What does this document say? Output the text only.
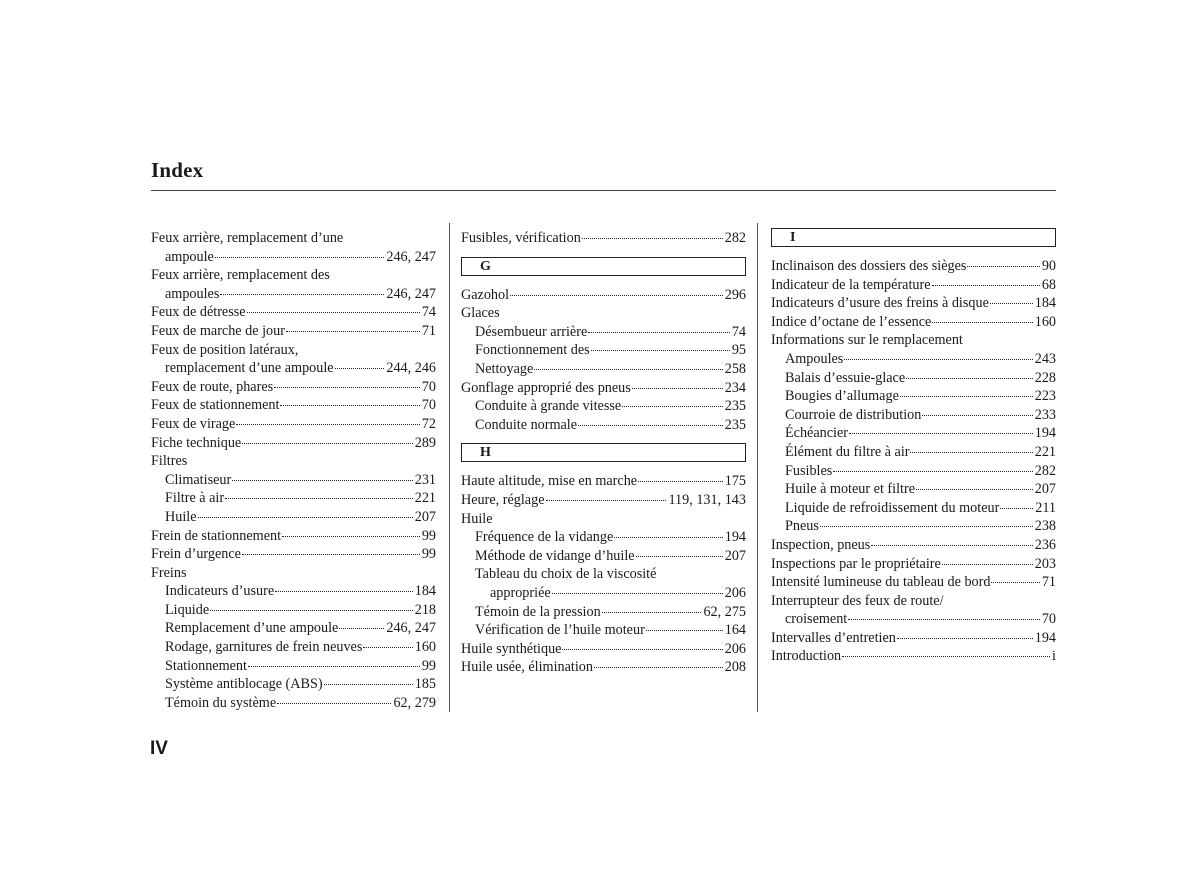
Index
Feux arrière, remplacement d’une
ampoule	246, 247
Feux arrière, remplacement des
ampoules	246, 247
Feux de détresse	74
Feux de marche de jour	71
Feux de position latéraux,
remplacement d’une ampoule	244, 246
Feux de route, phares	70
Feux de stationnement	70
Feux de virage	72
Fiche technique	289
Filtres
Climatiseur	231
Filtre à air	221
Huile	207
Frein de stationnement	99
Frein d’urgence	99
Freins
Indicateurs d’usure	184
Liquide	218
Remplacement d’une ampoule	246, 247
Rodage, garnitures de frein neuves	160
Stationnement	99
Système antiblocage (ABS)	185
Témoin du système	62, 279
Fusibles, vérification	282
G
Gazohol	296
Glaces
Désembueur arrière	74
Fonctionnement des	95
Nettoyage	258
Gonflage approprié des pneus	234
Conduite à grande vitesse	235
Conduite normale	235
H
Haute altitude, mise en marche	175
Heure, réglage	119, 131, 143
Huile
Fréquence de la vidange	194
Méthode de vidange d’huile	207
Tableau du choix de la viscosité
appropriée	206
Témoin de la pression	62, 275
Vérification de l’huile moteur	164
Huile synthétique	206
Huile usée, élimination	208
I
Inclinaison des dossiers des sièges	90
Indicateur de la température	68
Indicateurs d’usure des freins à disque	184
Indice d’octane de l’essence	160
Informations sur le remplacement
Ampoules	243
Balais d’essuie-glace	228
Bougies d’allumage	223
Courroie de distribution	233
Échéancier	194
Élément du filtre à air	221
Fusibles	282
Huile à moteur et filtre	207
Liquide de refroidissement du moteur	211
Pneus	238
Inspection, pneus	236
Inspections par le propriétaire	203
Intensité lumineuse du tableau de bord	71
Interrupteur des feux de route/
croisement	70
Intervalles d’entretien	194
Introduction	i
IV
